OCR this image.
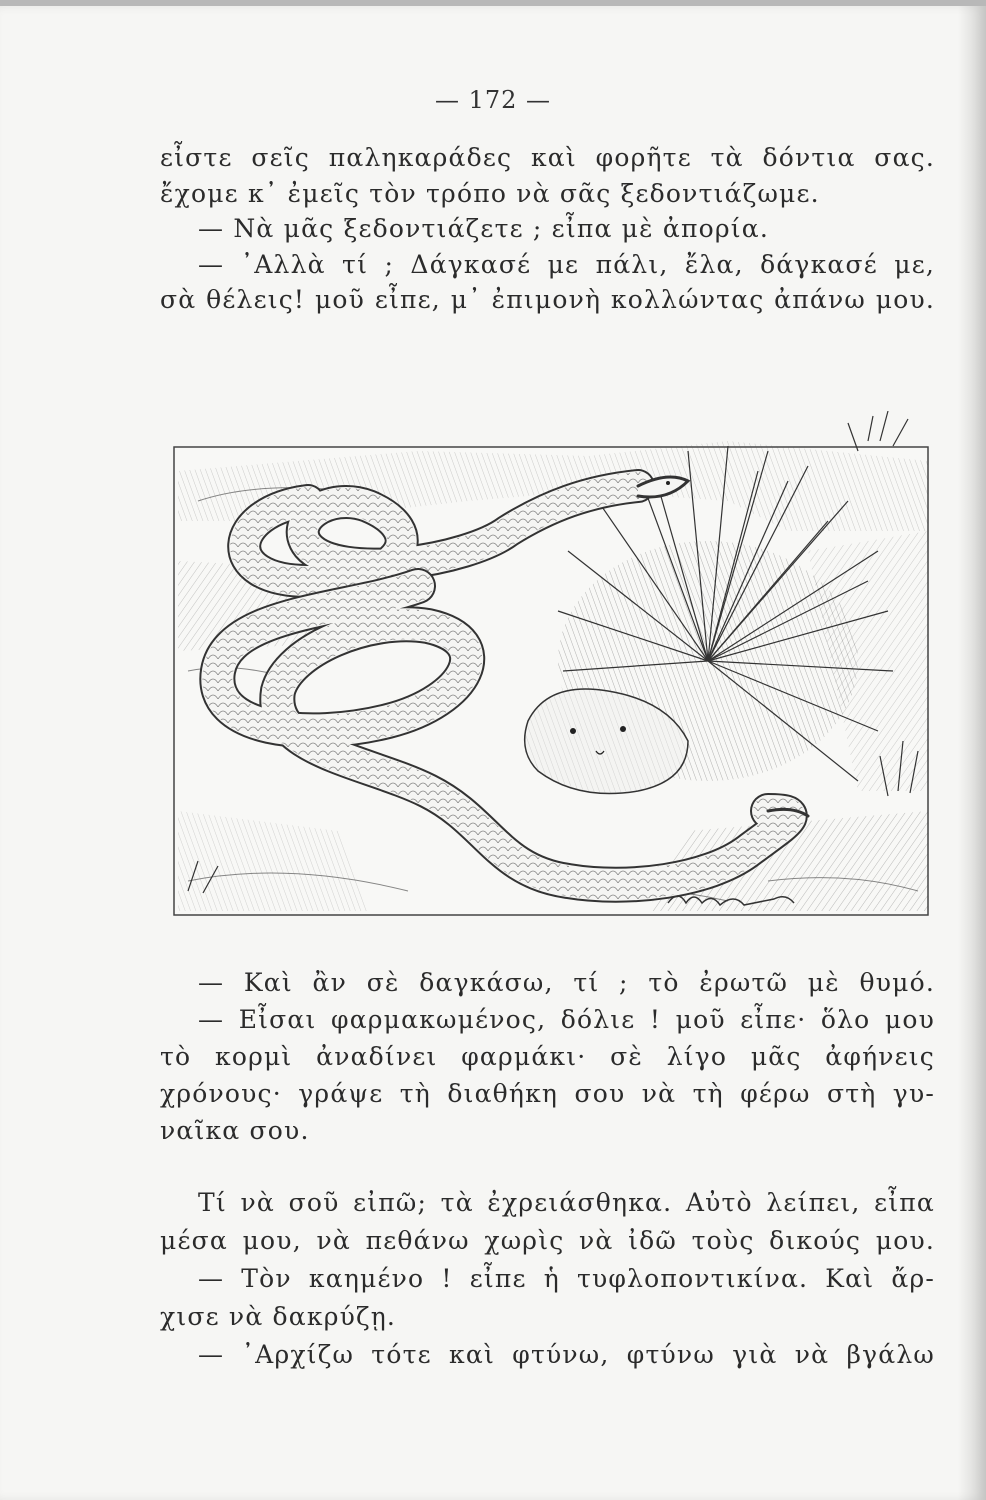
— 172 —
εἶστε σεῖς παληκαράδες καὶ φορῆτε τὰ δόντια σας.
ἔχομε κ᾿ ἐμεῖς τὸν τρόπο νὰ σᾶς ξεδοντιάζωμε.
— Νὰ μᾶς ξεδοντιάζετε ; εἶπα μὲ ἀπορία.
— ᾿Αλλὰ τί ; Δάγκασέ με πάλι, ἔλα, δάγκασέ με,
σὰ θέλεις! μοῦ εἶπε, μ᾿ ἐπιμονὴ κολλώντας ἀπάνω μου.
— Καὶ ἂν σὲ δαγκάσω, τί ; τὸ ἐρωτῶ μὲ θυμό.
— Εἶσαι φαρμακωμένος, δόλιε ! μοῦ εἶπε· ὅλο μου
τὸ κορμὶ ἀναδίνει φαρμάκι· σὲ λίγο μᾶς ἀφήνεις
χρόνους· γράψε τὴ διαθήκη σου νὰ τὴ φέρω στὴ γυ-
ναῖκα σου.
Τί νὰ σοῦ εἰπῶ; τὰ ἐχρειάσθηκα. Αὐτὸ λείπει, εἶπα
μέσα μου, νὰ πεθάνω χωρὶς νὰ ἰδῶ τοὺς δικούς μου.
— Τὸν καημένο ! εἶπε ἡ τυφλοποντικίνα. Καὶ ἄρ-
χισε νὰ δακρύζῃ.
— ᾿Αρχίζω τότε καὶ φτύνω, φτύνω γιὰ νὰ βγάλω
